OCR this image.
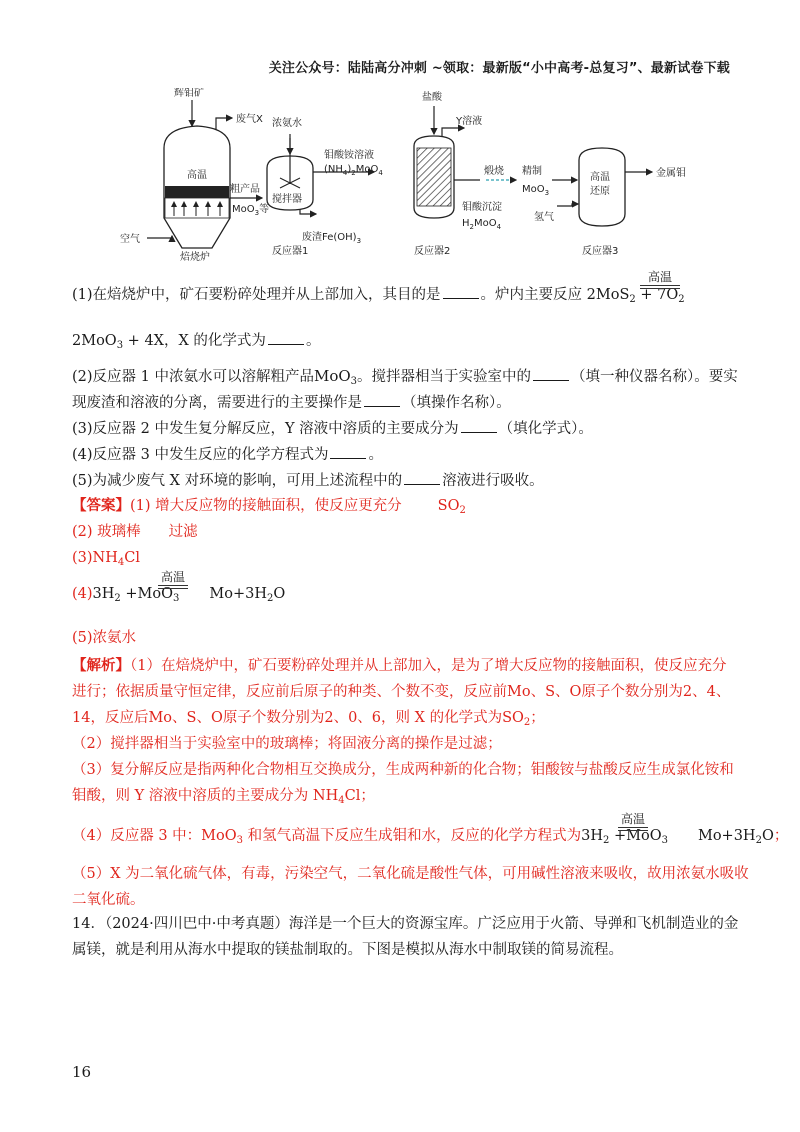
关注公众号：陆陆高分冲刺 ~领取：最新版“小中高考-总复习”、最新试卷下载
辉钼矿
废气X
高温
粗产品
MoO$_3$等
空气
焙烧炉
浓氨水
搅拌器
废渣$Fe(OH)_3$
反应器1
钼酸铵溶液
$(NH_4)_2MoO_4$
盐酸
Y溶液
反应器2
钼酸沉淀
$H_2MoO_4$
煅烧 精制
MoO$_3$
高温
还原
金属钼
氢气
反应器3
(1)在焙烧炉中，矿石要粉碎处理并从上部加入，其目的是	。炉内主要反应 $2MoS_2 + 7O_2$
高温
2MoO$_3$ + 4X，X 的化学式为	。
(2)反应器 1 中浓氨水可以溶解粗产品MoO$_3$。搅拌器相当于实验室中的	（填一种仪器名称）。要实
现废渣和溶液的分离，需要进行的主要操作是	（填操作名称）。
(3)反应器 2 中发生复分解反应，Y 溶液中溶质的主要成分为	（填化学式）。
(4)反应器 3 中发生反应的化学方程式为	。
(5)为减少废气 X 对环境的影响，可用上述流程中的	溶液进行吸收。
【答案】(1) 增大反应物的接触面积，使反应更充分 $SO_2$
(2) 玻璃棒 过滤
$(3)NH_4Cl$
$(4)3H_2 +MoO_3$ $Mo+3H_2O$
高温
(5)浓氨水
【解析】（1）在焙烧炉中，矿石要粉碎处理并从上部加入，是为了增大反应物的接触面积，使反应充分
进行；依据质量守恒定律，反应前后原子的种类、个数不变，反应前Mo、S、O原子个数分别为2、4、
14，反应后Mo、S、O原子个数分别为2、0、6，则 X 的化学式为$SO_2$；
（2）搅拌器相当于实验室中的玻璃棒；将固液分离的操作是过滤；
（3）复分解反应是指两种化合物相互交换成分，生成两种新的化合物；钼酸铵与盐酸反应生成氯化铵和
钼酸，则 Y 溶液中溶质的主要成分为 $NH_4Cl$；
（4）反应器 3 中：MoO$_3$ 和氢气高温下反应生成钼和水，反应的化学方程式为$3H_2 +MoO_3$ $Mo+3H_2O$；
高温
（5）X 为二氧化硫气体，有毒，污染空气，二氧化硫是酸性气体，可用碱性溶液来吸收，故用浓氨水吸收
二氧化硫。
14．（2024·四川巴中·中考真题）海洋是一个巨大的资源宝库。广泛应用于火箭、导弹和飞机制造业的金
属镁，就是利用从海水中提取的镁盐制取的。下图是模拟从海水中制取镁的简易流程。
16
